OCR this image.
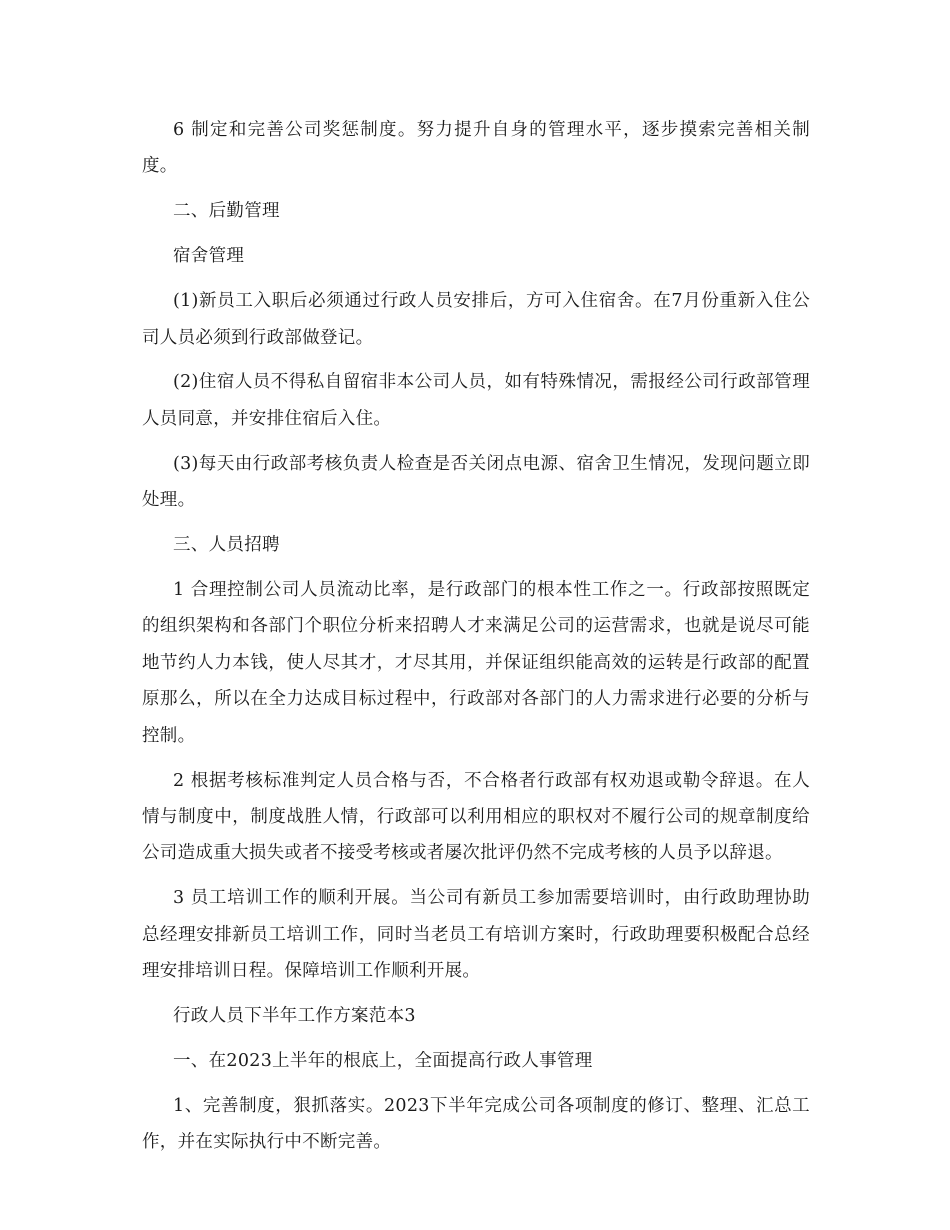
6 制定和完善公司奖惩制度。努力提升自身的管理水平，逐步摸索完善相关制度。

二、后勤管理

宿舍管理

(1)新员工入职后必须通过行政人员安排后，方可入住宿舍。在7月份重新入住公司人员必须到行政部做登记。

(2)住宿人员不得私自留宿非本公司人员，如有特殊情况，需报经公司行政部管理人员同意，并安排住宿后入住。

(3)每天由行政部考核负责人检查是否关闭点电源、宿舍卫生情况，发现问题立即处理。

三、人员招聘

1 合理控制公司人员流动比率，是行政部门的根本性工作之一。行政部按照既定的组织架构和各部门个职位分析来招聘人才来满足公司的运营需求，也就是说尽可能地节约人力本钱，使人尽其才，才尽其用，并保证组织能高效的运转是行政部的配置原那么，所以在全力达成目标过程中，行政部对各部门的人力需求进行必要的分析与控制。

2 根据考核标准判定人员合格与否，不合格者行政部有权劝退或勒令辞退。在人情与制度中，制度战胜人情，行政部可以利用相应的职权对不履行公司的规章制度给公司造成重大损失或者不接受考核或者屡次批评仍然不完成考核的人员予以辞退。

3 员工培训工作的顺利开展。当公司有新员工参加需要培训时，由行政助理协助总经理安排新员工培训工作，同时当老员工有培训方案时，行政助理要积极配合总经理安排培训日程。保障培训工作顺利开展。

行政人员下半年工作方案范本3

一、在2023上半年的根底上，全面提高行政人事管理

1、完善制度，狠抓落实。2023下半年完成公司各项制度的修订、整理、汇总工作，并在实际执行中不断完善。
